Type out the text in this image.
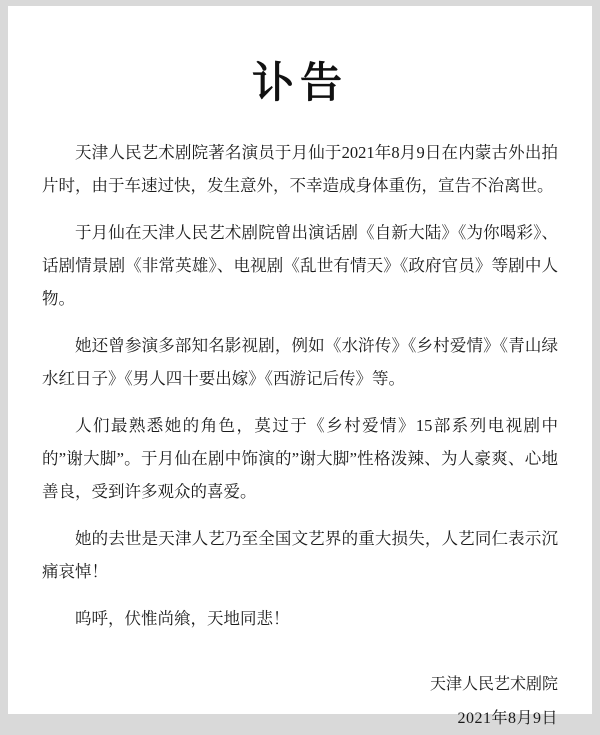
讣告

天津人民艺术剧院著名演员于月仙于2021年8月9日在内蒙古外出拍片时，由于车速过快，发生意外，不幸造成身体重伤，宣告不治离世。

于月仙在天津人民艺术剧院曾出演话剧《自新大陆》《为你喝彩》、话剧情景剧《非常英雄》、电视剧《乱世有情天》《政府官员》等剧中人物。

她还曾参演多部知名影视剧，例如《水浒传》《乡村爱情》《青山绿水红日子》《男人四十要出嫁》《西游记后传》等。

人们最熟悉她的角色，莫过于《乡村爱情》15部系列电视剧中的”谢大脚”。于月仙在剧中饰演的”谢大脚”性格泼辣、为人豪爽、心地善良，受到许多观众的喜爱。

她的去世是天津人艺乃至全国文艺界的重大损失，人艺同仁表示沉痛哀悼！

呜呼，伏惟尚飨，天地同悲！

天津人民艺术剧院
2021年8月9日
